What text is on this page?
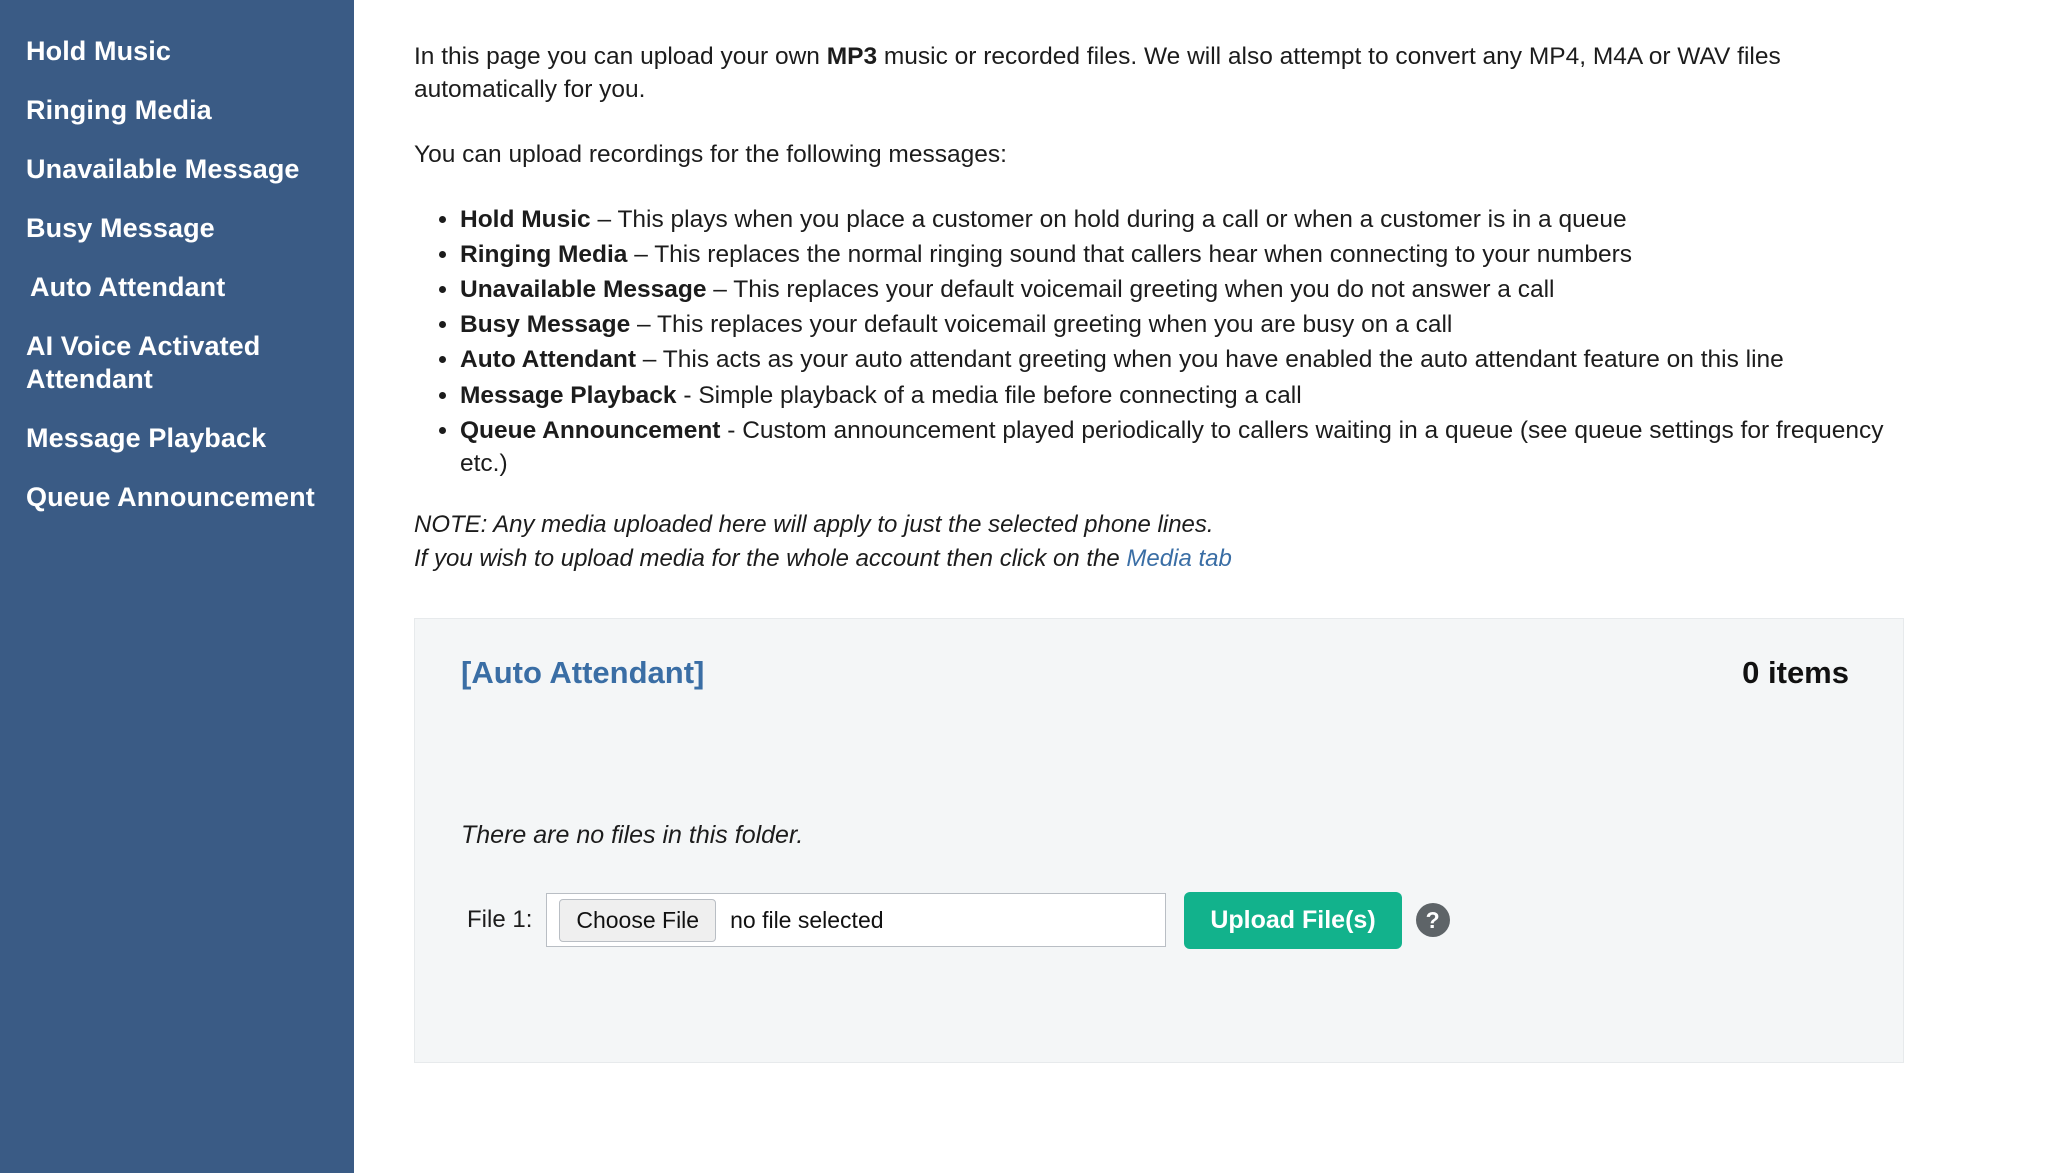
Hold Music
Ringing Media
Unavailable Message
Busy Message
Auto Attendant
AI Voice Activated Attendant
Message Playback
Queue Announcement

In this page you can upload your own MP3 music or recorded files. We will also attempt to convert any MP4, M4A or WAV files automatically for you.

You can upload recordings for the following messages:

• Hold Music – This plays when you place a customer on hold during a call or when a customer is in a queue
• Ringing Media – This replaces the normal ringing sound that callers hear when connecting to your numbers
• Unavailable Message – This replaces your default voicemail greeting when you do not answer a call
• Busy Message – This replaces your default voicemail greeting when you are busy on a call
• Auto Attendant – This acts as your auto attendant greeting when you have enabled the auto attendant feature on this line
• Message Playback - Simple playback of a media file before connecting a call
• Queue Announcement - Custom announcement played periodically to callers waiting in a queue (see queue settings for frequency etc.)

NOTE: Any media uploaded here will apply to just the selected phone lines.
If you wish to upload media for the whole account then click on the Media tab

[Auto Attendant]	0 items
There are no files in this folder.
File 1:	Choose File	no file selected	Upload File(s)	?
